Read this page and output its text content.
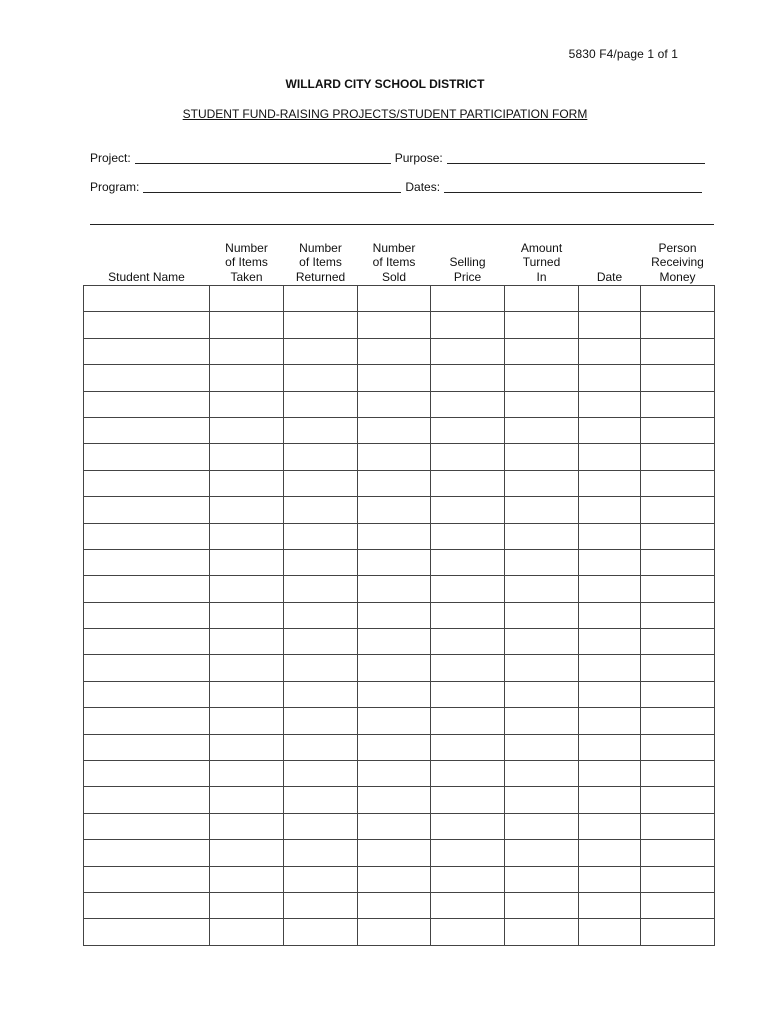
5830 F4/page 1 of 1
WILLARD CITY SCHOOL DISTRICT
STUDENT FUND-RAISING PROJECTS/STUDENT PARTICIPATION FORM
Project:	Purpose:
Program:	Dates:
Student Name	Number
of Items
Taken	Number
of Items
Returned	Number
of Items
Sold	Selling
Price	Amount
Turned
In	Date	Person
Receiving
Money
